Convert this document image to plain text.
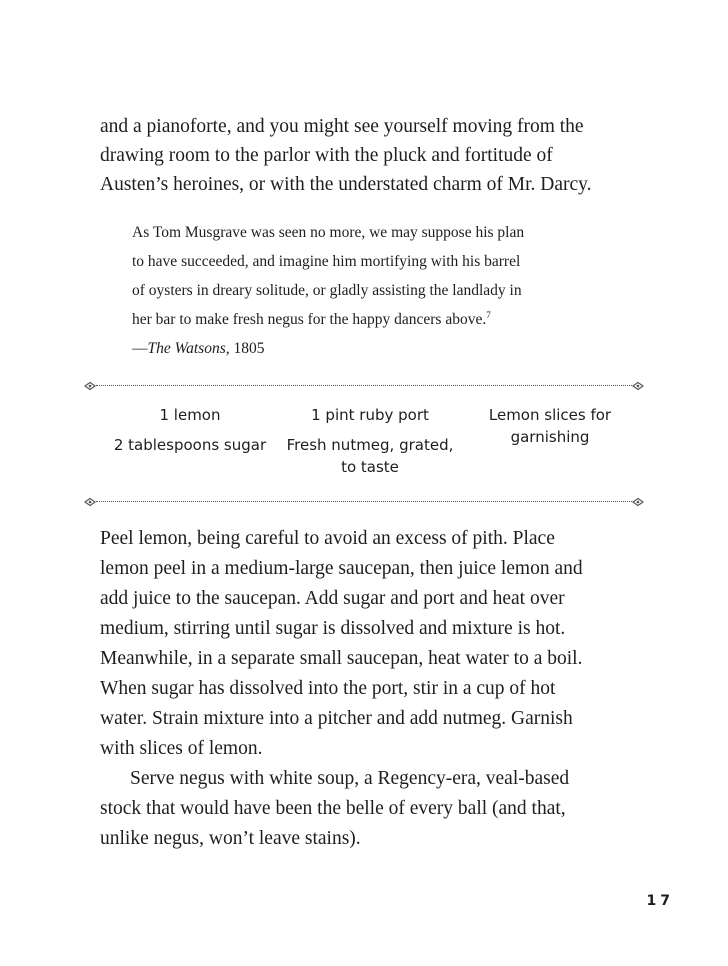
and a pianoforte, and you might see yourself moving from the

drawing room to the parlor with the pluck and fortitude of

Austen’s heroines, or with the understated charm of Mr. Darcy.

As Tom Musgrave was seen no more, we may suppose his plan

to have succeeded, and imagine him mortifying with his barrel

of oysters in dreary solitude, or gladly assisting the landlady in

her bar to make fresh negus for the happy dancers above.$^7$

—The Watsons, 1805

1 lemon
2 tablespoons sugar
1 pint ruby port
Fresh nutmeg, grated, to taste
Lemon slices for garnishing

Peel lemon, being careful to avoid an excess of pith. Place

lemon peel in a medium-large saucepan, then juice lemon and

add juice to the saucepan. Add sugar and port and heat over

medium, stirring until sugar is dissolved and mixture is hot.

Meanwhile, in a separate small saucepan, heat water to a boil.

When sugar has dissolved into the port, stir in a cup of hot

water. Strain mixture into a pitcher and add nutmeg. Garnish

with slices of lemon.

Serve negus with white soup, a Regency-era, veal-based

stock that would have been the belle of every ball (and that,

unlike negus, won’t leave stains).

17
